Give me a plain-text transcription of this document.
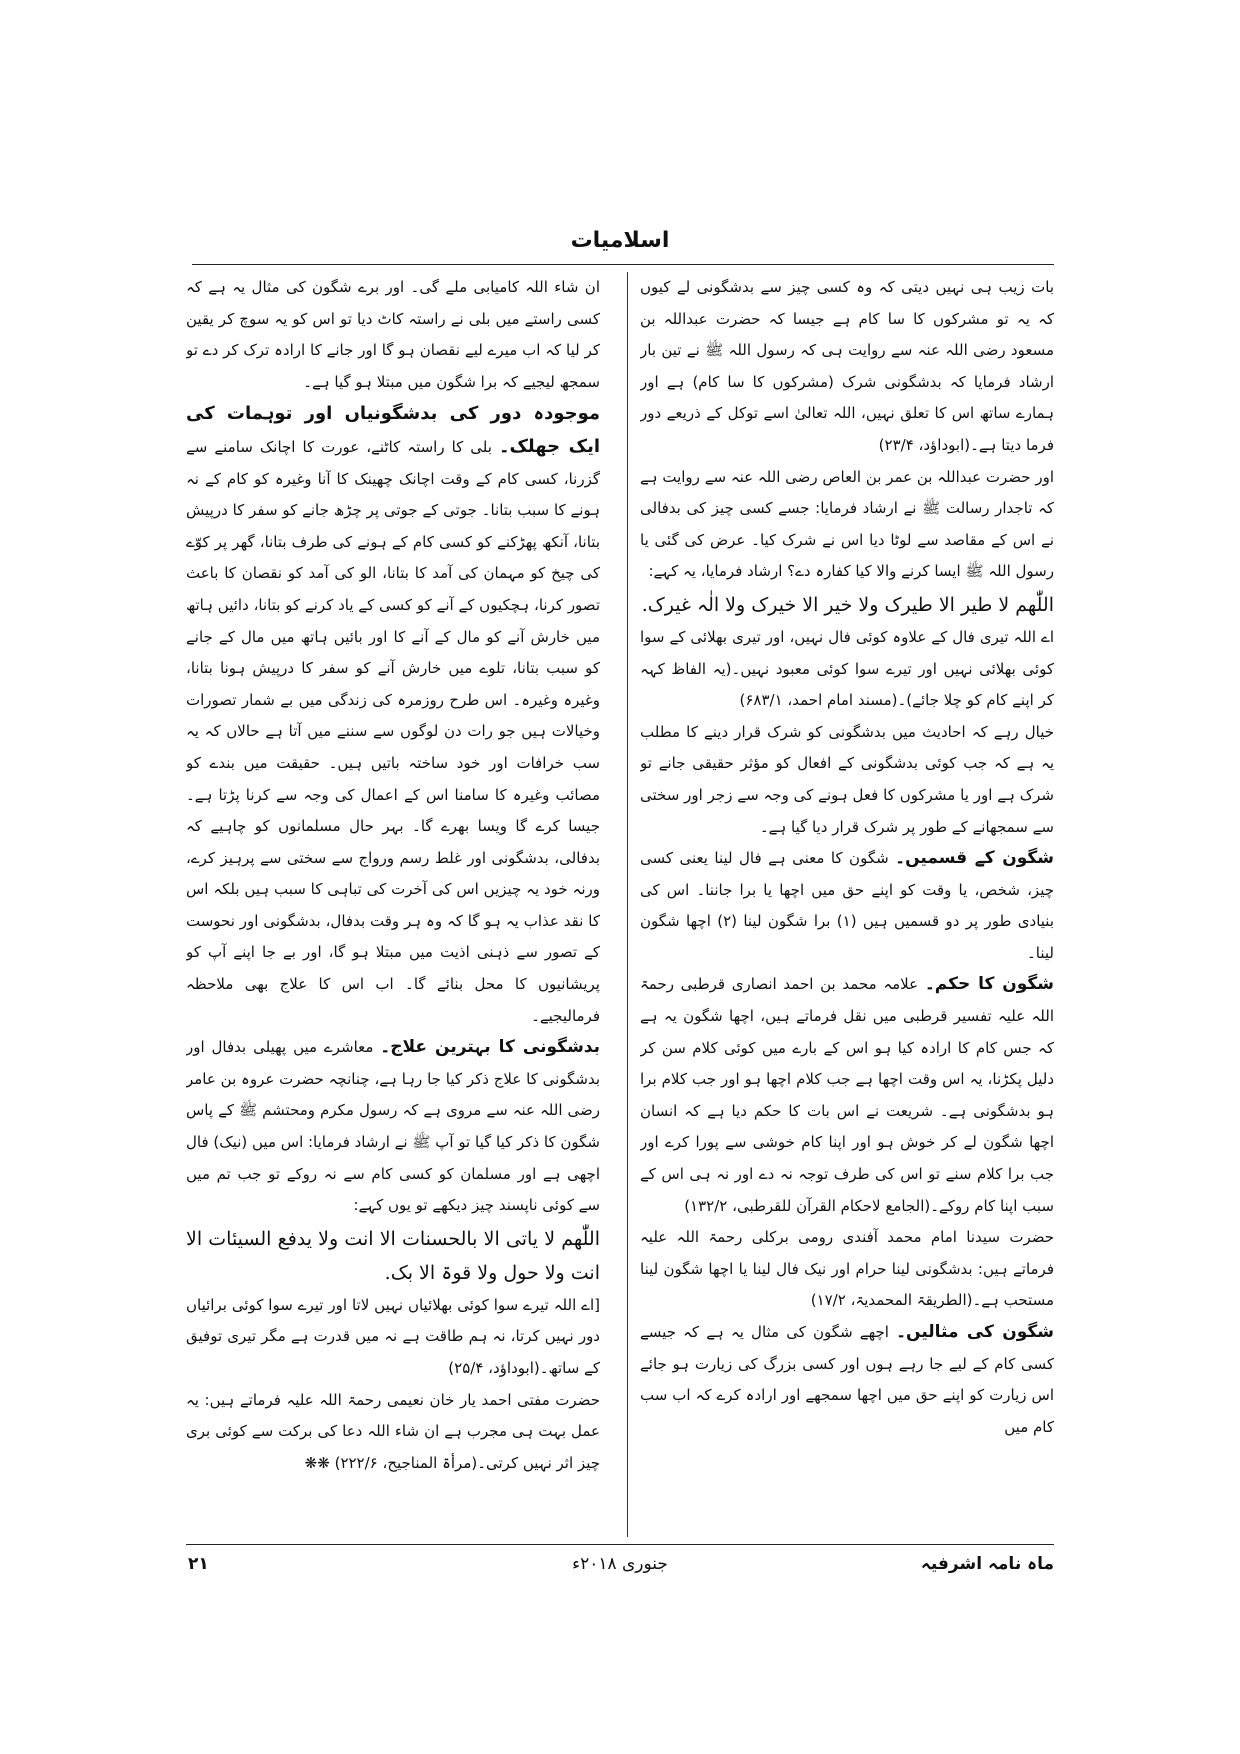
اسلامیات

بات زیب ہی نہیں دیتی کہ وہ کسی چیز سے بدشگونی لے کیوں کہ یہ تو مشرکوں کا سا کام ہے جیسا کہ حضرت عبداللہ بن مسعود رضی اللہ عنہ سے روایت ہی کہ رسول اللہ ﷺ نے تین بار ارشاد فرمایا کہ بدشگونی شرک (مشرکوں کا سا کام) ہے اور ہمارے ساتھ اس کا تعلق نہیں، اللہ تعالیٰ اسے توکل کے ذریعے دور فرما دیتا ہے۔(ابوداؤد، ۲۳/۴)

اور حضرت عبداللہ بن عمر بن العاص رضی اللہ عنہ سے روایت ہے کہ تاجدار رسالت ﷺ نے ارشاد فرمایا: جسے کسی چیز کی بدفالی نے اس کے مقاصد سے لوٹا دیا اس نے شرک کیا۔ عرض کی گئی یا رسول اللہ ﷺ ایسا کرنے والا کیا کفارہ دے؟ ارشاد فرمایا، یہ کہے:

اللّٰھم لا طیر الا طیرک ولا خیر الا خیرک ولا الٰہ غیرک.

اے اللہ تیری فال کے علاوہ کوئی فال نہیں، اور تیری بھلائی کے سوا کوئی بھلائی نہیں اور تیرے سوا کوئی معبود نہیں۔(یہ الفاظ کہہ کر اپنے کام کو چلا جائے)۔(مسند امام احمد، ۶۸۳/۱)

خیال رہے کہ احادیث میں بدشگونی کو شرک قرار دینے کا مطلب یہ ہے کہ جب کوئی بدشگونی کے افعال کو مؤثر حقیقی جانے تو شرک ہے اور یا مشرکوں کا فعل ہونے کی وجہ سے زجر اور سختی سے سمجھانے کے طور پر شرک قرار دیا گیا ہے۔

شگون کے قسمیں۔ شگون کا معنی ہے فال لینا یعنی کسی چیز، شخص، یا وقت کو اپنے حق میں اچھا یا برا جاننا۔ اس کی بنیادی طور پر دو قسمیں ہیں (۱) برا شگون لینا (۲) اچھا شگون لینا۔

شگون کا حکم۔ علامہ محمد بن احمد انصاری قرطبی رحمۃ اللہ علیہ تفسیر قرطبی میں نقل فرماتے ہیں، اچھا شگون یہ ہے کہ جس کام کا ارادہ کیا ہو اس کے بارے میں کوئی کلام سن کر دلیل پکڑنا، یہ اس وقت اچھا ہے جب کلام اچھا ہو اور جب کلام برا ہو بدشگونی ہے۔ شریعت نے اس بات کا حکم دیا ہے کہ انسان اچھا شگون لے کر خوش ہو اور اپنا کام خوشی سے پورا کرے اور جب برا کلام سنے تو اس کی طرف توجہ نہ دے اور نہ ہی اس کے سبب اپنا کام روکے۔(الجامع لاحکام القرآن للقرطبی، ۱۳۲/۲)

حضرت سیدنا امام محمد آفندی رومی برکلی رحمۃ اللہ علیہ فرماتے ہیں: بدشگونی لینا حرام اور نیک فال لینا یا اچھا شگون لینا مستحب ہے۔(الطریقۃ المحمدیۃ، ۱۷/۲)

شگون کی مثالیں۔ اچھے شگون کی مثال یہ ہے کہ جیسے کسی کام کے لیے جا رہے ہوں اور کسی بزرگ کی زیارت ہو جائے اس زیارت کو اپنے حق میں اچھا سمجھے اور ارادہ کرے کہ اب سب کام میں

ان شاء اللہ کامیابی ملے گی۔ اور برے شگون کی مثال یہ ہے کہ کسی راستے میں بلی نے راستہ کاٹ دیا تو اس کو یہ سوچ کر یقین کر لیا کہ اب میرے لیے نقصان ہو گا اور جانے کا ارادہ ترک کر دے تو سمجھ لیجیے کہ برا شگون میں مبتلا ہو گیا ہے۔

موجودہ دور کی بدشگونیاں اور توہمات کی ایک جھلک۔ بلی کا راستہ کاٹنے، عورت کا اچانک سامنے سے گزرنا، کسی کام کے وقت اچانک چھینک کا آنا وغیرہ کو کام کے نہ ہونے کا سبب بتانا۔ جوتی کے جوتی پر چڑھ جانے کو سفر کا درپیش بتانا، آنکھ پھڑکنے کو کسی کام کے ہونے کی طرف بتانا، گھر پر کوّے کی چیخ کو مہمان کی آمد کا بتانا، الو کی آمد کو نقصان کا باعث تصور کرنا، ہچکیوں کے آنے کو کسی کے یاد کرنے کو بتانا، دائیں ہاتھ میں خارش آنے کو مال کے آنے کا اور بائیں ہاتھ میں مال کے جانے کو سبب بتانا، تلوے میں خارش آنے کو سفر کا درپیش ہونا بتانا، وغیرہ وغیرہ۔ اس طرح روزمرہ کی زندگی میں بے شمار تصورات وخیالات ہیں جو رات دن لوگوں سے سننے میں آتا ہے حالاں کہ یہ سب خرافات اور خود ساختہ باتیں ہیں۔ حقیقت میں بندے کو مصائب وغیرہ کا سامنا اس کے اعمال کی وجہ سے کرنا پڑتا ہے۔ جیسا کرے گا ویسا بھرے گا۔ بہر حال مسلمانوں کو چاہیے کہ بدفالی، بدشگونی اور غلط رسم ورواج سے سختی سے پرہیز کرے، ورنہ خود یہ چیزیں اس کی آخرت کی تباہی کا سبب ہیں بلکہ اس کا نقد عذاب یہ ہو گا کہ وہ ہر وقت بدفال، بدشگونی اور نحوست کے تصور سے ذہنی اذیت میں مبتلا ہو گا، اور بے جا اپنے آپ کو پریشانیوں کا محل بنائے گا۔ اب اس کا علاج بھی ملاحظہ فرمالیجیے۔

بدشگونی کا بہترین علاج۔ معاشرے میں پھیلی بدفال اور بدشگونی کا علاج ذکر کیا جا رہا ہے، چنانچہ حضرت عروہ بن عامر رضی اللہ عنہ سے مروی ہے کہ رسول مکرم ومحتشم ﷺ کے پاس شگون کا ذکر کیا گیا تو آپ ﷺ نے ارشاد فرمایا: اس میں (نیک) فال اچھی ہے اور مسلمان کو کسی کام سے نہ روکے تو جب تم میں سے کوئی ناپسند چیز دیکھے تو یوں کہے:

اللّٰھم لا یاتی الا بالحسنات الا انت ولا یدفع السیئات الا انت ولا حول ولا قوۃ الا بک.

[اے اللہ تیرے سوا کوئی بھلائیاں نہیں لاتا اور تیرے سوا کوئی برائیاں دور نہیں کرتا، نہ ہم طاقت ہے نہ میں قدرت ہے مگر تیری توفیق کے ساتھ۔(ابوداؤد، ۲۵/۴)

حضرت مفتی احمد یار خان نعیمی رحمۃ اللہ علیہ فرماتے ہیں: یہ عمل بہت ہی مجرب ہے ان شاء اللہ دعا کی برکت سے کوئی بری چیز اثر نہیں کرتی۔(مرأۃ المناجیح، ۲۲۲/۶) ❋❋

ماہ نامہ اشرفیہ
جنوری ۲۰۱۸ء
۲۱
